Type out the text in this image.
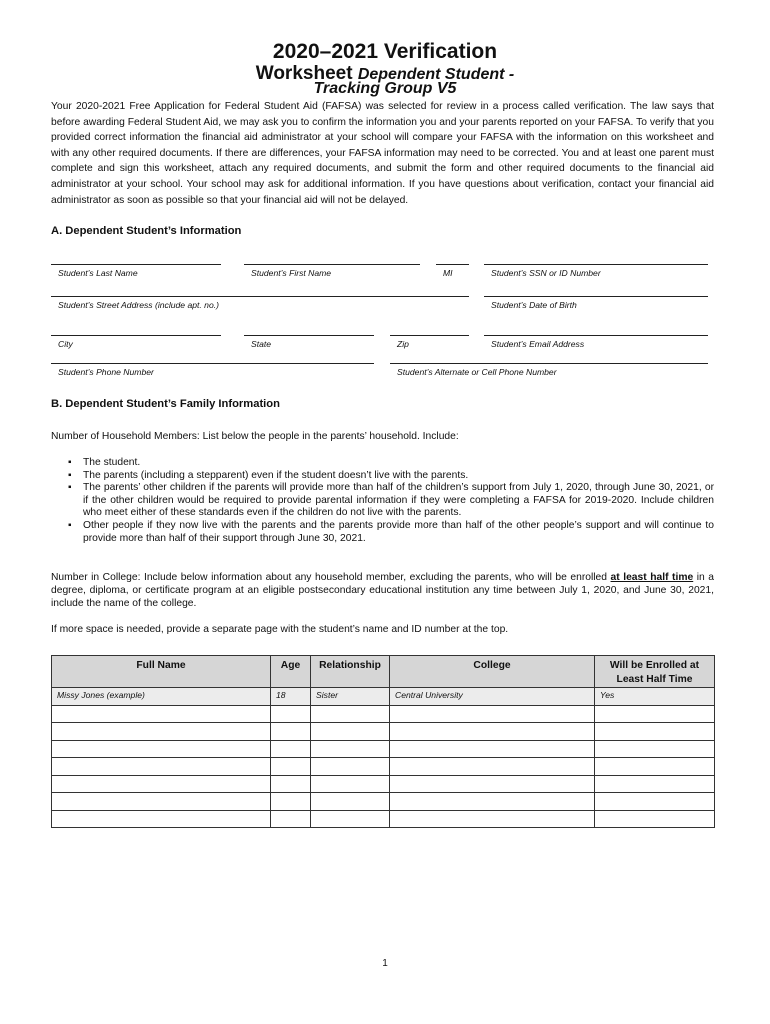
2020–2021 Verification
Worksheet Dependent Student -
Tracking Group V5
Your 2020-2021 Free Application for Federal Student Aid (FAFSA) was selected for review in a process called verification. The law says that before awarding Federal Student Aid, we may ask you to confirm the information you and your parents reported on your FAFSA. To verify that you provided correct information the financial aid administrator at your school will compare your FAFSA with the information on this worksheet and with any other required documents. If there are differences, your FAFSA information may need to be corrected. You and at least one parent must complete and sign this worksheet, attach any required documents, and submit the form and other required documents to the financial aid administrator at your school. Your school may ask for additional information. If you have questions about verification, contact your financial aid administrator as soon as possible so that your financial aid will not be delayed.
A. Dependent Student’s Information
Student’s Last Name	Student’s First Name	MI	Student’s SSN or ID Number
Student’s Street Address (include apt. no.)	Student’s Date of Birth
City	State	Zip	Student’s Email Address
Student’s Phone Number	Student’s Alternate or Cell Phone Number
B. Dependent Student’s Family Information
Number of Household Members: List below the people in the parents’ household. Include:
▪ The student.
▪ The parents (including a stepparent) even if the student doesn’t live with the parents.
▪ The parents’ other children if the parents will provide more than half of the children’s support from July 1, 2020, through June 30, 2021, or if the other children would be required to provide parental information if they were completing a FAFSA for 2019-2020. Include children who meet either of these standards even if the children do not live with the parents.
▪ Other people if they now live with the parents and the parents provide more than half of the other people’s support and will continue to provide more than half of their support through June 30, 2021.
Number in College: Include below information about any household member, excluding the parents, who will be enrolled at least half time in a degree, diploma, or certificate program at an eligible postsecondary educational institution any time between July 1, 2020, and June 30, 2021, include the name of the college.
If more space is needed, provide a separate page with the student’s name and ID number at the top.
Full Name	Age	Relationship	College	Will be Enrolled at Least Half Time
Missy Jones (example)	18	Sister	Central University	Yes

1
